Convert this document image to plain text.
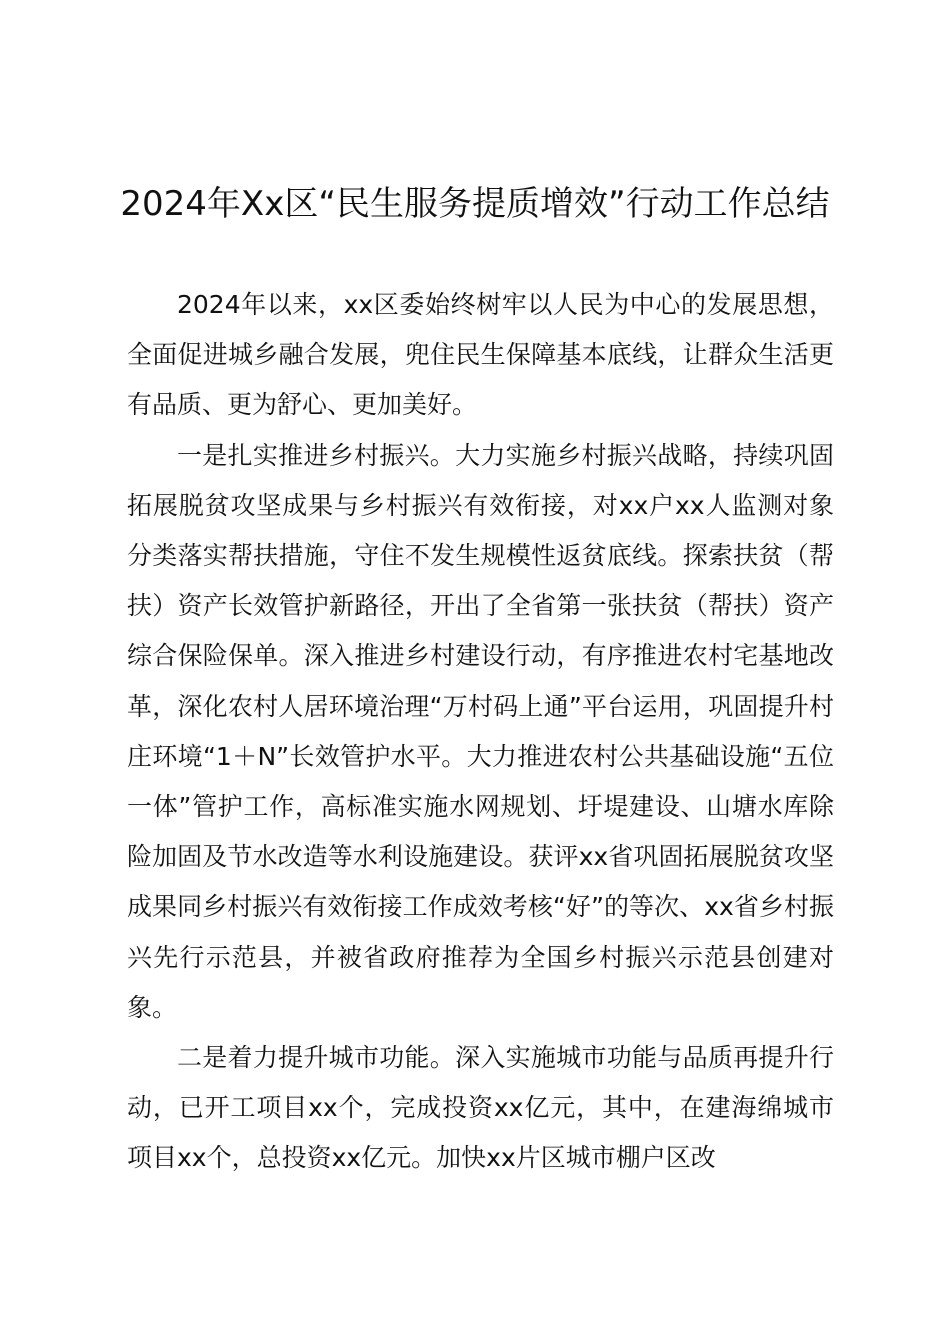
2024年Xx区“民生服务提质增效”行动工作总结

2024年以来，xx区委始终树牢以人民为中心的发展思想，全面促进城乡融合发展，兜住民生保障基本底线，让群众生活更有品质、更为舒心、更加美好。

一是扎实推进乡村振兴。大力实施乡村振兴战略，持续巩固拓展脱贫攻坚成果与乡村振兴有效衔接，对xx户xx人监测对象分类落实帮扶措施，守住不发生规模性返贫底线。探索扶贫（帮扶）资产长效管护新路径，开出了全省第一张扶贫（帮扶）资产综合保险保单。深入推进乡村建设行动，有序推进农村宅基地改革，深化农村人居环境治理“万村码上通”平台运用，巩固提升村庄环境“1＋N”长效管护水平。大力推进农村公共基础设施“五位一体”管护工作，高标准实施水网规划、圩堤建设、山塘水库除险加固及节水改造等水利设施建设。获评xx省巩固拓展脱贫攻坚成果同乡村振兴有效衔接工作成效考核“好”的等次、xx省乡村振兴先行示范县，并被省政府推荐为全国乡村振兴示范县创建对象。

二是着力提升城市功能。深入实施城市功能与品质再提升行动，已开工项目xx个，完成投资xx亿元，其中，在建海绵城市项目xx个，总投资xx亿元。加快xx片区城市棚户区改
